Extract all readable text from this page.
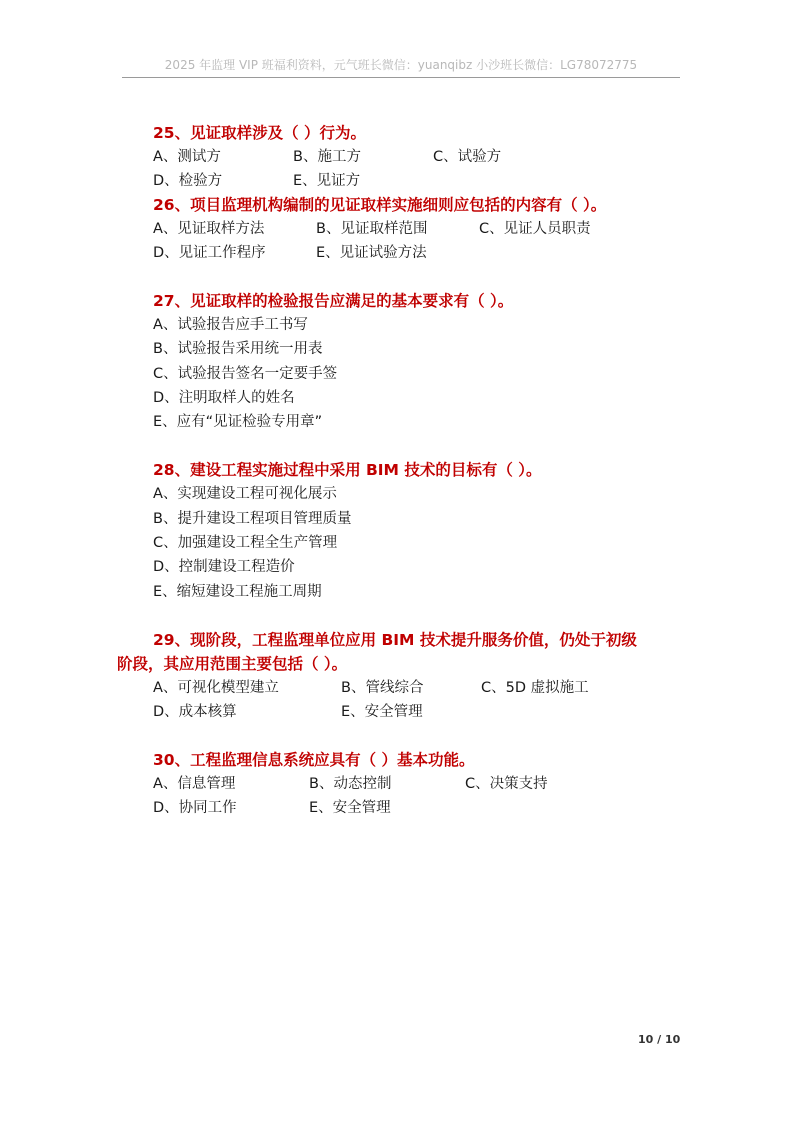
2025 年监理 VIP 班福利资料，元气班长微信：yuanqibz 小沙班长微信：LG78072775

25、见证取样涉及（ ）行为。

A、测试方	B、施工方	C、试验方
D、检验方	E、见证方

26、项目监理机构编制的见证取样实施细则应包括的内容有（ ）。

A、见证取样方法	B、见证取样范围	C、见证人员职责
D、见证工作程序	E、见证试验方法

27、见证取样的检验报告应满足的基本要求有（ ）。

A、试验报告应手工书写
B、试验报告采用统一用表
C、试验报告签名一定要手签
D、注明取样人的姓名
E、应有“见证检验专用章”

28、建设工程实施过程中采用 BIM 技术的目标有（ ）。

A、实现建设工程可视化展示
B、提升建设工程项目管理质量
C、加强建设工程全生产管理
D、控制建设工程造价
E、缩短建设工程施工周期

29、现阶段，工程监理单位应用 BIM 技术提升服务价值，仍处于初级阶段，其应用范围主要包括（ ）。

A、可视化模型建立	B、管线综合	C、5D 虚拟施工
D、成本核算	E、安全管理

30、工程监理信息系统应具有（ ）基本功能。

A、信息管理	B、动态控制	C、决策支持
D、协同工作	E、安全管理
10 / 10
